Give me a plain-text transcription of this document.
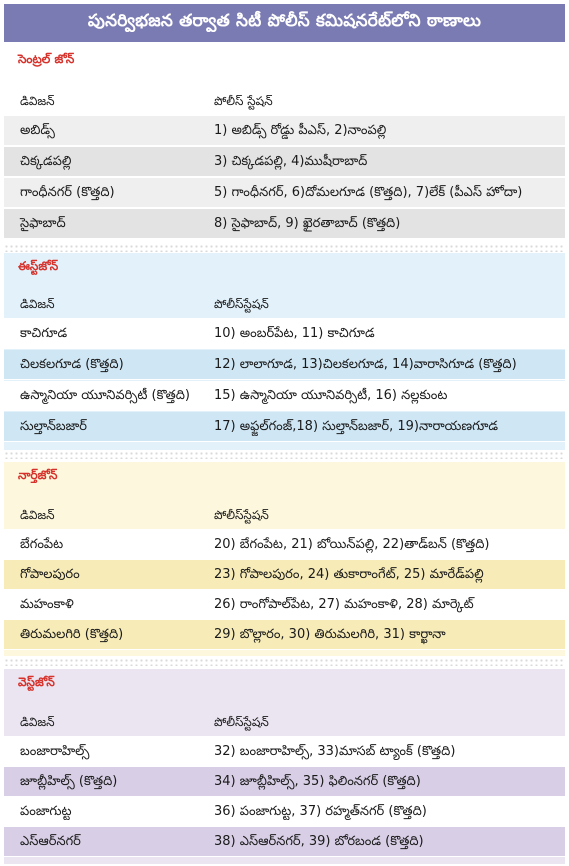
పునర్విభజన తర్వాత సిటీ పోలీస్ కమిషనరేట్‌లోని ఠాణాలు
సెంట్రల్ జోన్
డివిజన్	పోలీస్ స్టేషన్
అబిడ్స్	1) అబిడ్స్ రోడ్డు పీఎస్, 2)నాంపల్లి
చిక్కడపల్లి	3) చిక్కడపల్లి, 4)ముషీరాబాద్
గాంధీనగర్ (కొత్తది)	5) గాంధీనగర్, 6)దోమలగూడ (కొత్తది), 7)లేక్ (పీఎస్ హోదా)
సైఫాబాద్	8) సైఫాబాద్, 9) ఖైరతాబాద్ (కొత్తది)
ఈస్ట్‌జోన్
డివిజన్	పోలీస్‌స్టేషన్
కాచిగూడ	10) అంబర్‌పేట, 11) కాచిగూడ
చిలకలగూడ (కొత్తది)	12) లాలాగూడ, 13)చిలకలగూడ, 14)వారాసిగూడ (కొత్తది)
ఉస్మానియా యూనివర్సిటీ (కొత్తది) 15) ఉస్మానియా యూనివర్సిటీ, 16) నల్లకుంట
సుల్తాన్‌బజార్	17) అఫ్జల్‌గంజ్,18) సుల్తాన్‌బజార్, 19)నారాయణగూడ
నార్త్‌జోన్
డివిజన్	పోలీస్‌స్టేషన్
బేగంపేట	20) బేగంపేట, 21) బోయిన్‌పల్లి, 22)తాడ్‌బన్ (కొత్తది)
గోపాలపురం	23) గోపాలపురం, 24) తుకారాంగేట్, 25) మారేడ్‌పల్లి
మహంకాళి	26) రాంగోపాల్‌పేట, 27) మహంకాళి, 28) మార్కెట్
తిరుమలగిరి (కొత్తది)	29) బొల్లారం, 30) తిరుమలగిరి, 31) కార్ఖానా
వెస్ట్‌జోన్
డివిజన్	పోలీస్‌స్టేషన్
బంజారాహిల్స్	32) బంజారాహిల్స్, 33)మాసబ్ ట్యాంక్ (కొత్తది)
జూబ్లీహిల్స్ (కొత్తది)	34) జూబ్లీహిల్స్, 35) ఫిలింనగర్ (కొత్తది)
పంజాగుట్ట	36) పంజాగుట్ట, 37) రహ్మత్‌నగర్ (కొత్తది)
ఎస్ఆర్‌నగర్	38) ఎస్ఆర్‌నగర్, 39) బోరబండ (కొత్తది)
